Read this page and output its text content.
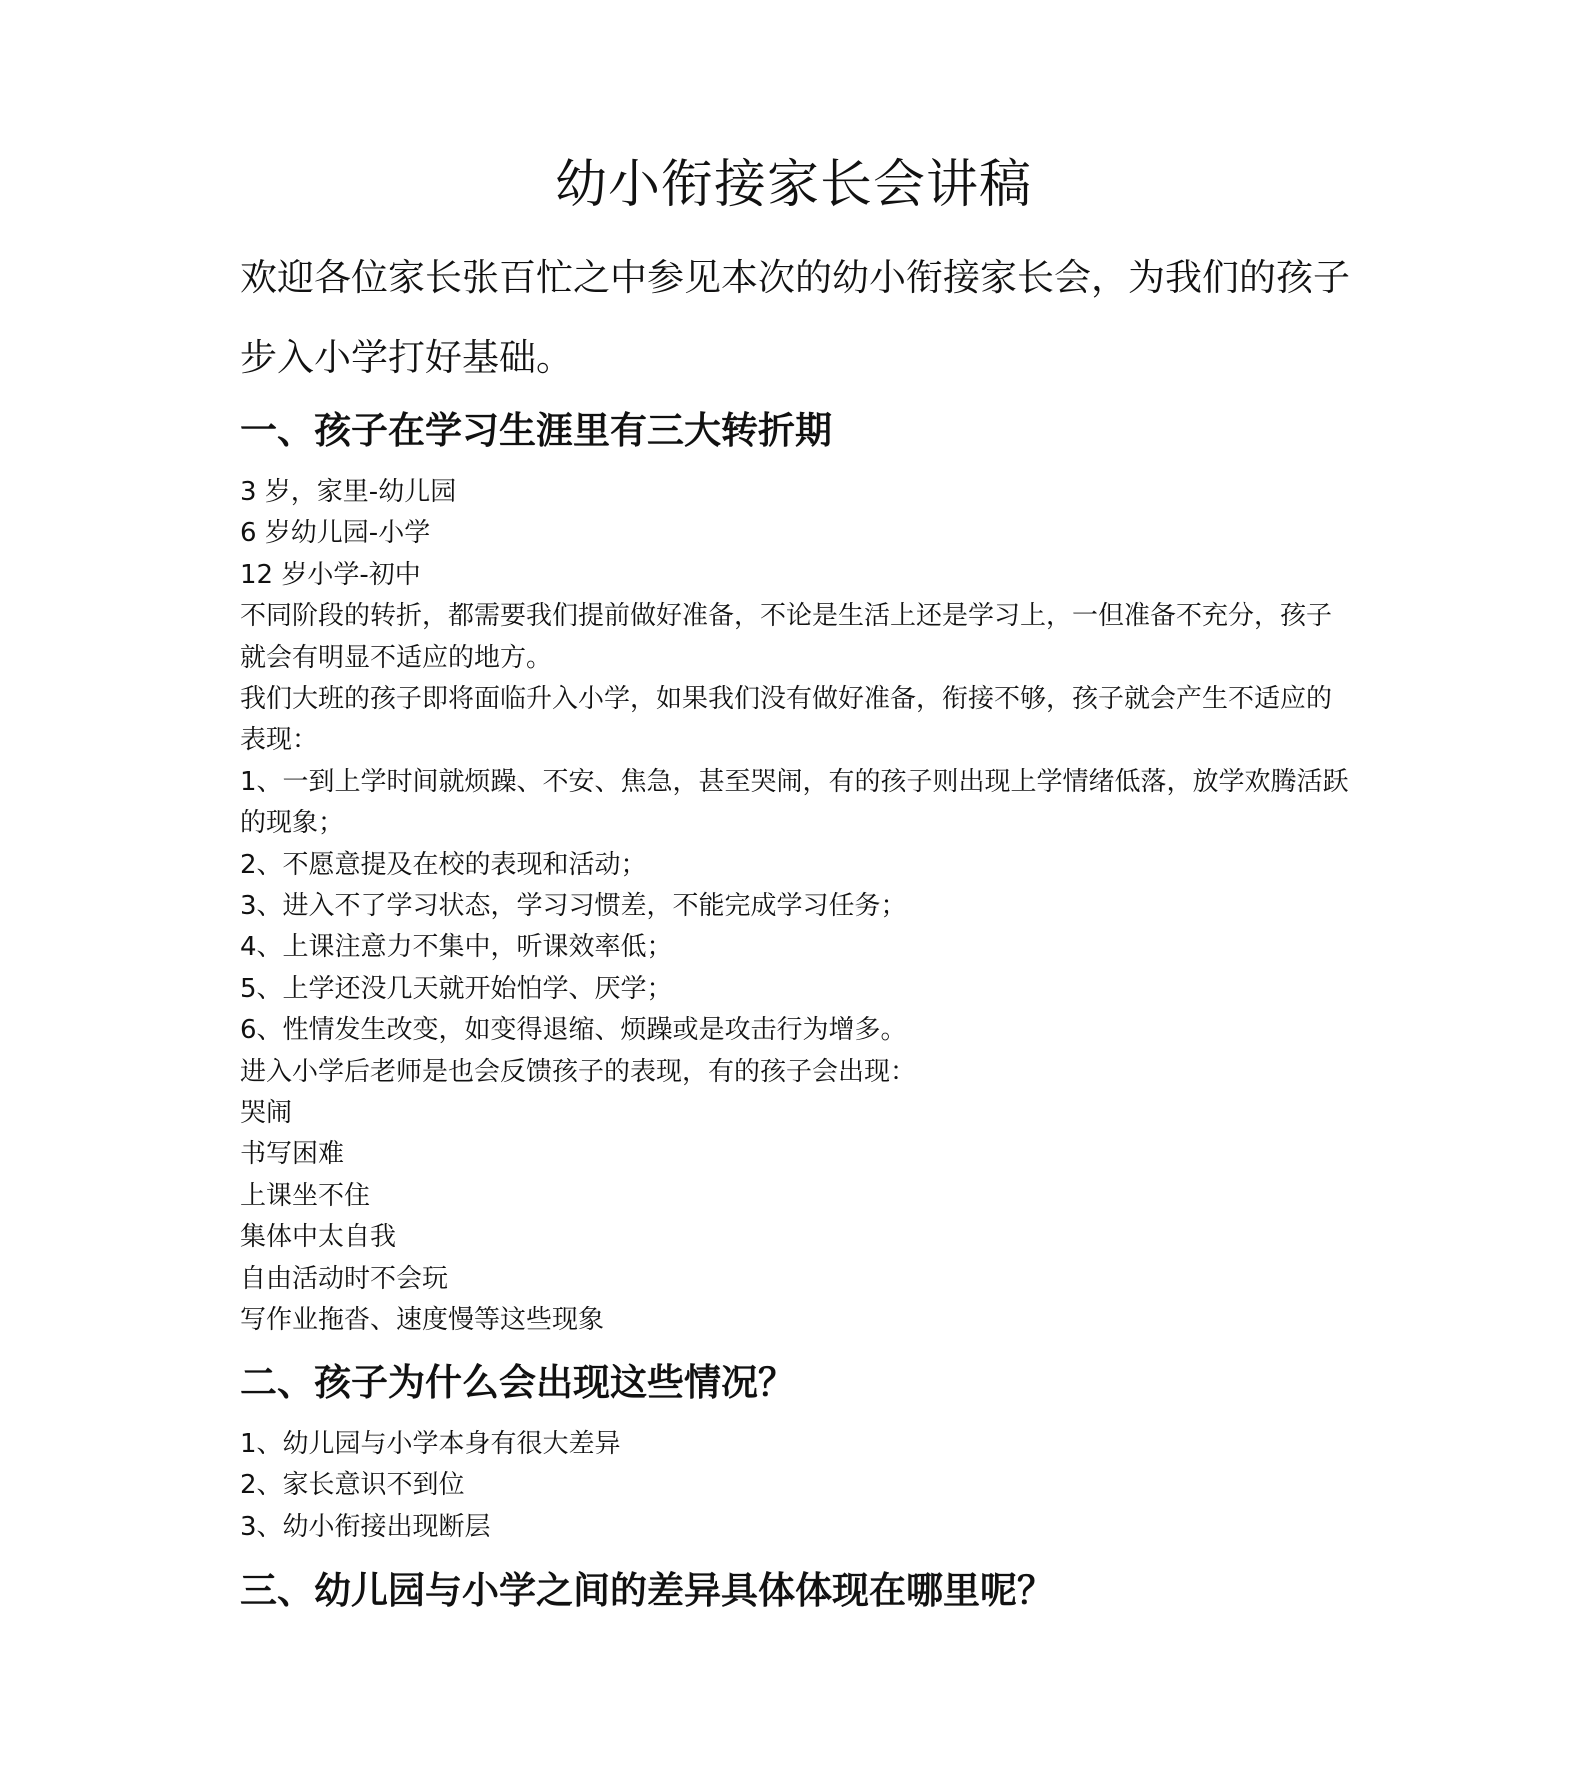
幼小衔接家长会讲稿

欢迎各位家长张百忙之中参见本次的幼小衔接家长会，为我们的孩子步入小学打好基础。

一、孩子在学习生涯里有三大转折期
3 岁，家里-幼儿园
6 岁幼儿园-小学
12 岁小学-初中
不同阶段的转折，都需要我们提前做好准备，不论是生活上还是学习上，一但准备不充分，孩子就会有明显不适应的地方。
我们大班的孩子即将面临升入小学，如果我们没有做好准备，衔接不够，孩子就会产生不适应的表现：
1、一到上学时间就烦躁、不安、焦急，甚至哭闹，有的孩子则出现上学情绪低落，放学欢腾活跃的现象；
2、不愿意提及在校的表现和活动；
3、进入不了学习状态，学习习惯差，不能完成学习任务；
4、上课注意力不集中，听课效率低；
5、上学还没几天就开始怕学、厌学；
6、性情发生改变，如变得退缩、烦躁或是攻击行为增多。
进入小学后老师是也会反馈孩子的表现，有的孩子会出现：
哭闹
书写困难
上课坐不住
集体中太自我
自由活动时不会玩
写作业拖沓、速度慢等这些现象
二、孩子为什么会出现这些情况？
1、幼儿园与小学本身有很大差异
2、家长意识不到位
3、幼小衔接出现断层
三、幼儿园与小学之间的差异具体体现在哪里呢？
